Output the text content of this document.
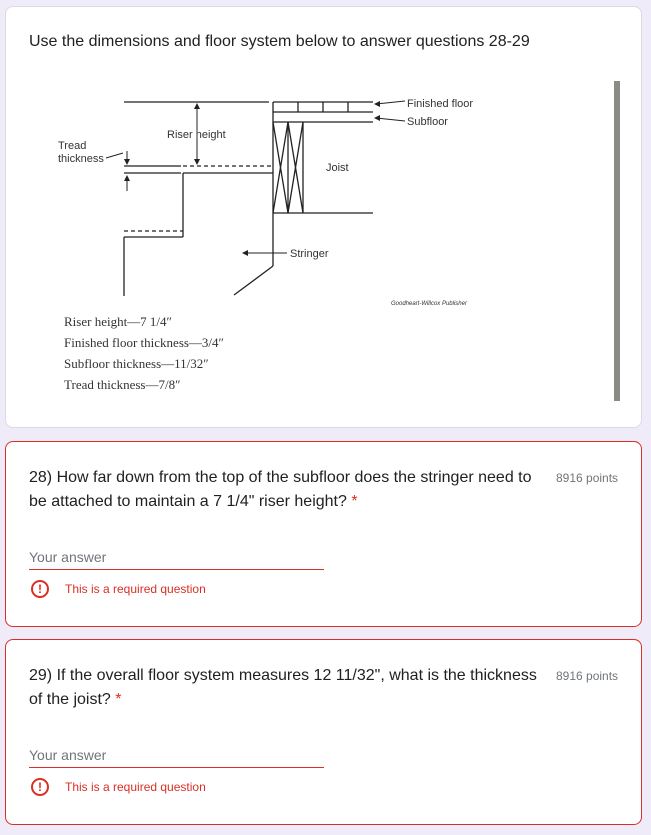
Use the dimensions and floor system below to answer questions 28-29
Finished floor
Subfloor
Riser height
Tread
thickness
Joist
Stringer
Goodheart-Willcox Publisher
Riser height—7 1/4″
Finished floor thickness—3/4″
Subfloor thickness—11/32″
Tread thickness—7/8″
28) How far down from the top of the subfloor does the stringer need to be attached to maintain a 7 1/4" riser height? *
8916 points
Your answer
!	This is a required question
29) If the overall floor system measures 12 11/32", what is the thickness of the joist? *
8916 points
Your answer
!	This is a required question
